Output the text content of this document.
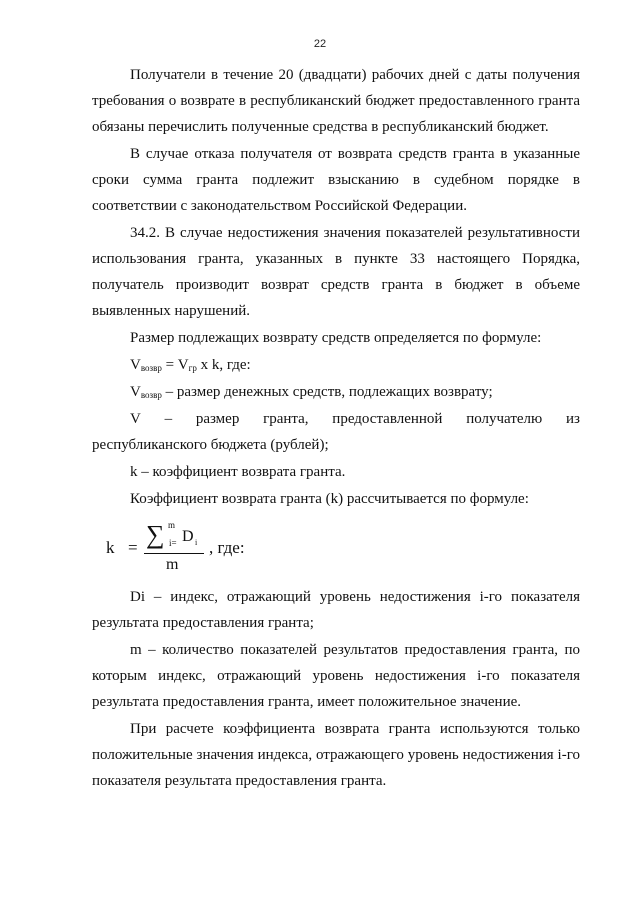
22

Получатели в течение 20 (двадцати) рабочих дней с даты получения требования о возврате в республиканский бюджет предоставленного гранта обязаны перечислить полученные средства в республиканский бюджет.

В случае отказа получателя от возврата средств гранта в указанные сроки сумма гранта подлежит взысканию в судебном порядке в соответствии с законодательством Российской Федерации.

34.2. В случае недостижения значения показателей результативности использования гранта, указанных в пункте 33 настоящего Порядка, получатель производит возврат средств гранта в бюджет в объеме выявленных нарушений.

Размер подлежащих возврату средств определяется по формуле:

$V_{возвр} = V_{гр}$ х k, где:

$V_{возвр}$ – размер денежных средств, подлежащих возврату;

V – размер гранта, предоставленной получателю из

республиканского бюджета (рублей);

k – коэффициент возврата гранта.

Коэффициент возврата гранта (k) рассчитывается по формуле:

k = ∑ m
i= D i
m
, где:

Di – индекс, отражающий уровень недостижения i-го показателя результата предоставления гранта;

m – количество показателей результатов предоставления гранта, по которым индекс, отражающий уровень недостижения i-го показателя результата предоставления гранта, имеет положительное значение.

При расчете коэффициента возврата гранта используются только положительные значения индекса, отражающего уровень недостижения i-го показателя результата предоставления гранта.
